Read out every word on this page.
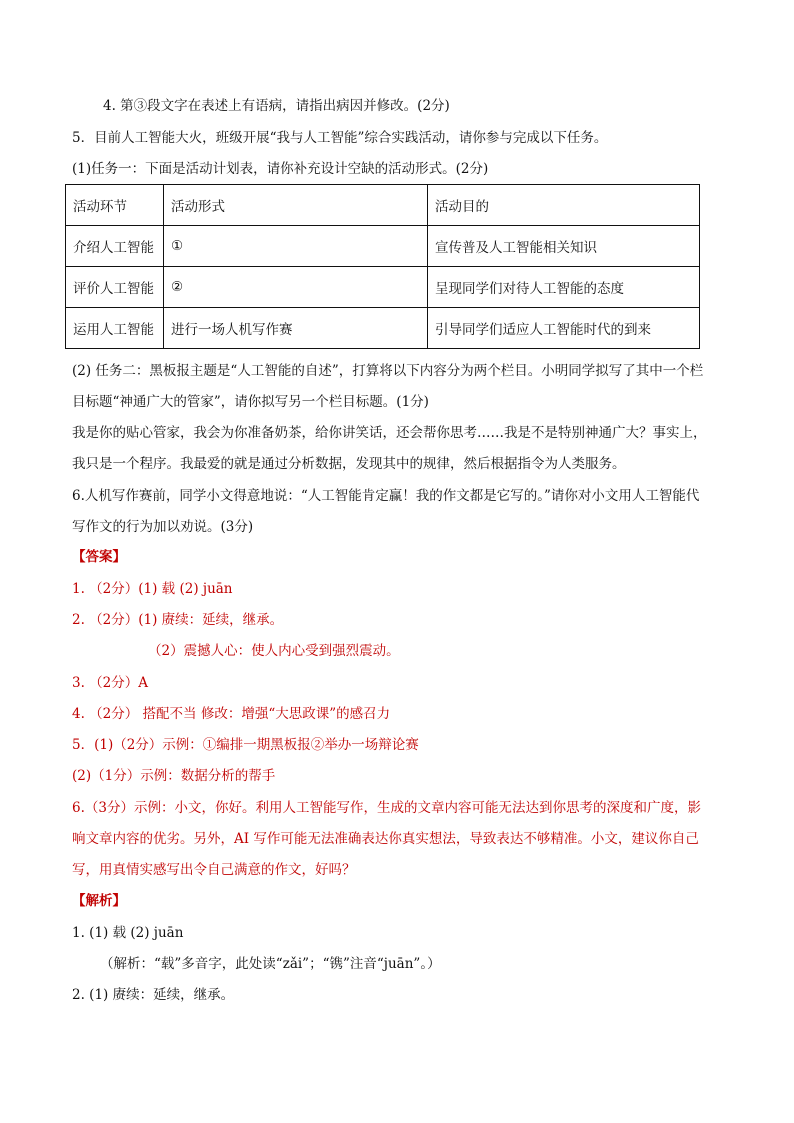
4. 第③段文字在表述上有语病，请指出病因并修改。(2分)
5．目前人工智能大火，班级开展“我与人工智能”综合实践活动，请你参与完成以下任务。
(1)任务一：下面是活动计划表，请你补充设计空缺的活动形式。(2分)
活动环节	活动形式	活动目的
介绍人工智能	①	宣传普及人工智能相关知识
评价人工智能	②	呈现同学们对待人工智能的态度
运用人工智能	进行一场人机写作赛	引导同学们适应人工智能时代的到来
(2) 任务二：黑板报主题是“人工智能的自述”，打算将以下内容分为两个栏目。小明同学拟写了其中一个栏
目标题“神通广大的管家”，请你拟写另一个栏目标题。(1分)
我是你的贴心管家，我会为你准备奶茶，给你讲笑话，还会帮你思考……我是不是特别神通广大？事实上，
我只是一个程序。我最爱的就是通过分析数据，发现其中的规律，然后根据指令为人类服务。
6.人机写作赛前，同学小文得意地说：“人工智能肯定赢！我的作文都是它写的。”请你对小文用人工智能代
写作文的行为加以劝说。(3分)
【答案】
1. （2分）(1) 载 (2) juān
2. （2分）(1) 赓续：延续，继承。
（2）震撼人心：使人内心受到强烈震动。
3. （2分）A
4. （2分） 搭配不当 修改：增强“大思政课”的感召力
5．(1)（2分）示例：①编排一期黑板报②举办一场辩论赛
(2)（1分）示例：数据分析的帮手
6.（3分）示例：小文，你好。利用人工智能写作，生成的文章内容可能无法达到你思考的深度和广度，影
响文章内容的优劣。另外，AI 写作可能无法准确表达你真实想法，导致表达不够精准。小文，建议你自己
写，用真情实感写出令自己满意的作文，好吗？
【解析】
1. (1) 载 (2) juān
（解析：“载”多音字，此处读“zǎi”；“镌”注音“juān”。）
2. (1) 赓续：延续，继承。
